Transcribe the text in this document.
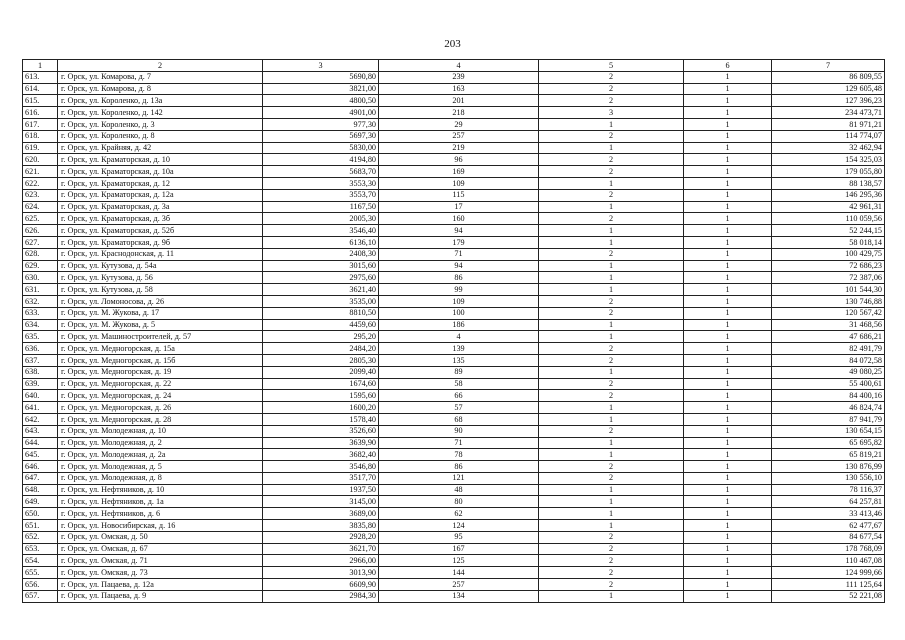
203
1	2	3	4	5	6	7
613.	г. Орск, ул. Комарова, д. 7	5690,80	239	2	1	86 809,55
614.	г. Орск, ул. Комарова, д. 8	3821,00	163	2	1	129 605,48
615.	г. Орск, ул. Короленко, д. 13а	4800,50	201	2	1	127 396,23
616.	г. Орск, ул. Короленко, д. 142	4901,00	218	3	1	234 473,71
617.	г. Орск, ул. Короленко, д. 3	977,30	29	1	1	81 971,21
618.	г. Орск, ул. Короленко, д. 8	5697,30	257	2	1	114 774,07
619.	г. Орск, ул. Крайняя, д. 42	5830,00	219	1	1	32 462,94
620.	г. Орск, ул. Краматорская, д. 10	4194,80	96	2	1	154 325,03
621.	г. Орск, ул. Краматорская, д. 10а	5683,70	169	2	1	179 055,80
622.	г. Орск, ул. Краматорская, д. 12	3553,30	109	1	1	88 138,57
623.	г. Орск, ул. Краматорская, д. 12а	3553,70	115	2	1	146 295,36
624.	г. Орск, ул. Краматорская, д. 3а	1167,50	17	1	1	42 961,31
625.	г. Орск, ул. Краматорская, д. 3б	2005,30	160	2	1	110 059,56
626.	г. Орск, ул. Краматорская, д. 52б	3546,40	94	1	1	52 244,15
627.	г. Орск, ул. Краматорская, д. 9б	6136,10	179	1	1	58 018,14
628.	г. Орск, ул. Краснодонская, д. 11	2408,30	71	2	1	100 429,75
629.	г. Орск, ул. Кутузова, д. 54а	3015,60	94	1	1	72 686,23
630.	г. Орск, ул. Кутузова, д. 56	2975,60	86	1	1	72 387,06
631.	г. Орск, ул. Кутузова, д. 58	3621,40	99	1	1	101 544,30
632.	г. Орск, ул. Ломоносова, д. 26	3535,00	109	2	1	130 746,88
633.	г. Орск, ул. М. Жукова, д. 17	8810,50	100	2	1	120 567,42
634.	г. Орск, ул. М. Жукова, д. 5	4459,60	186	1	1	31 468,56
635.	г. Орск, ул. Машиностроителей, д. 57	295,20	4	1	1	47 686,21
636.	г. Орск, ул. Медногорская, д. 15а	2484,20	139	2	1	82 491,79
637.	г. Орск, ул. Медногорская, д. 15б	2805,30	135	2	1	84 072,58
638.	г. Орск, ул. Медногорская, д. 19	2099,40	89	1	1	49 080,25
639.	г. Орск, ул. Медногорская, д. 22	1674,60	58	2	1	55 400,61
640.	г. Орск, ул. Медногорская, д. 24	1595,60	66	2	1	84 400,16
641.	г. Орск, ул. Медногорская, д. 26	1600,20	57	1	1	46 824,74
642.	г. Орск, ул. Медногорская, д. 28	1578,40	68	1	1	87 941,79
643.	г. Орск, ул. Молодежная, д. 10	3526,60	90	2	1	130 654,15
644.	г. Орск, ул. Молодежная, д. 2	3639,90	71	1	1	65 695,82
645.	г. Орск, ул. Молодежная, д. 2а	3682,40	78	1	1	65 819,21
646.	г. Орск, ул. Молодежная, д. 5	3546,80	86	2	1	130 876,99
647.	г. Орск, ул. Молодежная, д. 8	3517,70	121	2	1	130 556,10
648.	г. Орск, ул. Нефтяников, д. 10	1937,50	48	1	1	78 116,37
649.	г. Орск, ул. Нефтяников, д. 1а	3145,00	80	1	1	64 257,81
650.	г. Орск, ул. Нефтяников, д. 6	3689,00	62	1	1	33 413,46
651.	г. Орск, ул. Новосибирская, д. 16	3835,80	124	1	1	62 477,67
652.	г. Орск, ул. Омская, д. 50	2928,20	95	2	1	84 677,54
653.	г. Орск, ул. Омская, д. 67	3621,70	167	2	1	178 768,09
654.	г. Орск, ул. Омская, д. 71	2966,00	125	2	1	110 467,08
655.	г. Орск, ул. Омская, д. 73	3013,90	144	2	1	124 999,66
656.	г. Орск, ул. Пацаева, д. 12а	6609,90	257	2	1	111 125,64
657.	г. Орск, ул. Пацаева, д. 9	2984,30	134	1	1	52 221,08
